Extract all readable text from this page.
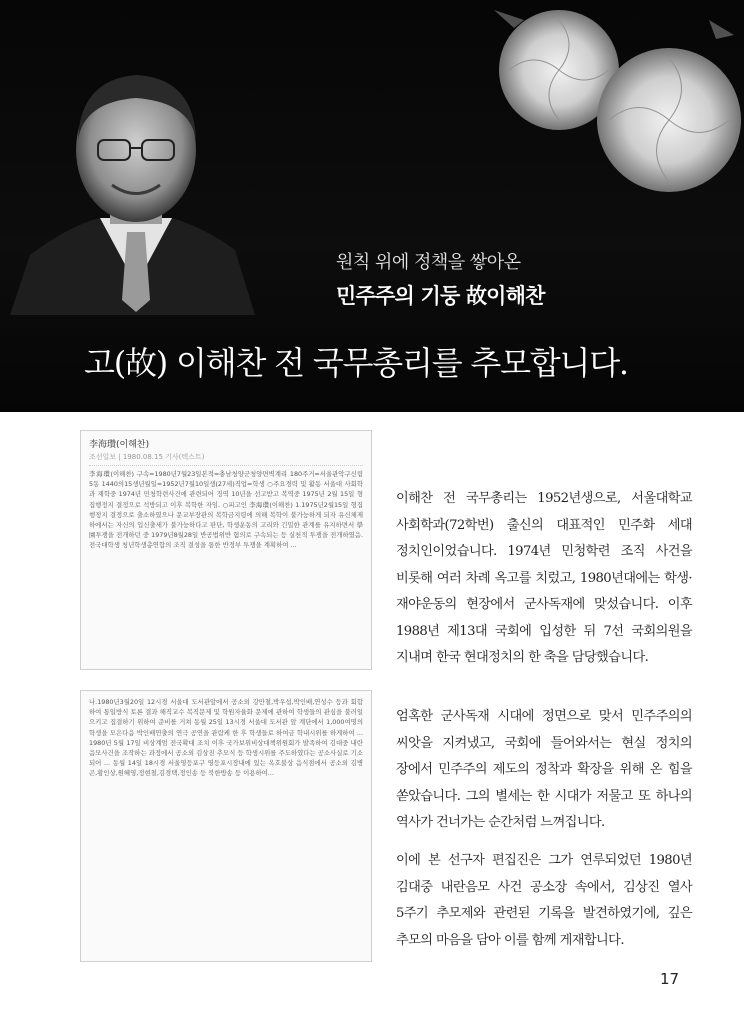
원칙 위에 정책을 쌓아온
민주주의 기둥 故이해찬
고(故) 이해찬 전 국무총리를 추모합니다.
李海瓚(이해찬)
조선일보 | 1980.08.15 기사(텍스트)
李海瓚(이해찬) 구속=1980년7월23일본적=충남청양군청양면벽계리 180주거=서울관악구신림5동 1440의15생년월일=1952년7월10일생(27세)직업=학생 ○주요경력 및 활동 서울대 사회학과 재학중 1974년 민청학련사건에 관련되어 징역 10년을 선고받고 복역중 1975년 2월 15일 형집행정지 결정으로 석방되고 이후 복학한 자임. ○피고인 李海瓚(이해찬) 1.1975년2월15일 형집행정지 결정으로 출소하였으나 문교부장관의 복학금지령에 의해 복학이 불가능하게 되자 유신체제하에서는 자신의 입신출세가 불가능하다고 판단, 학생운동의 고리와 긴밀한 관계를 유지하면서 學園투쟁을 전개하던 중 1979년8월28일 반공법위반 혐의로 구속되는 등 실천적 투쟁을 전개하였음. 전국대학생 청년학생총연합의 조직 결성을 통한 반정부 투쟁을 계획하여 ...
나.1980년3월20일 12시경 서울대 도서관앞에서 공소외 강만철,박우섭,박인배,연성수 등과 회합하여 통일방식 토론 결과 해직교수 복직문제 및 학원자율화 문제에 관하여 학생들의 관심을 불러일으키고 집결하기 위하여 준비를 거쳐 동월 25일 13시경 서울대 도서관 앞 계단에서 1,000여명의 학생을 모은다음 박인배연출의 연극 공연을 관람케 한 후 학생들로 하여금 학내시위를 하게하여 ... 1980년 5월 17일 비상계엄 전국확대 조치 이후 국가보위비상대책위원회가 발족하여 김대중 내란음모사건을 조작하는 과정에서 공소외 김상진 추모식 등 학생시위를 주도하였다는 공소사실로 기소되어 ... 동월 14일 18시경 서울영등포구 영등포시장내에 있는 옥호불상 음식점에서 공소외 김병곤,황인상,원혜영,정현철,김경택,정인송 등 북한방송 등 이용하여...

이해찬 전 국무총리는 1952년생으로, 서울대학교 사회학과(72학번) 출신의 대표적인 민주화 세대 정치인이었습니다. 1974년 민청학련 조직 사건을 비롯해 여러 차례 옥고를 치렀고, 1980년대에는 학생·재야운동의 현장에서 군사독재에 맞섰습니다. 이후 1988년 제13대 국회에 입성한 뒤 7선 국회의원을 지내며 한국 현대정치의 한 축을 담당했습니다.

엄혹한 군사독재 시대에 정면으로 맞서 민주주의의 씨앗을 지켜냈고, 국회에 들어와서는 현실 정치의 장에서 민주주의 제도의 정착과 확장을 위해 온 힘을 쏟았습니다. 그의 별세는 한 시대가 저물고 또 하나의 역사가 건너가는 순간처럼 느껴집니다.

이에 본 선구자 편집진은 그가 연루되었던 1980년 김대중 내란음모 사건 공소장 속에서, 김상진 열사 5주기 추모제와 관련된 기록을 발견하였기에, 깊은 추모의 마음을 담아 이를 함께 게재합니다.

17
